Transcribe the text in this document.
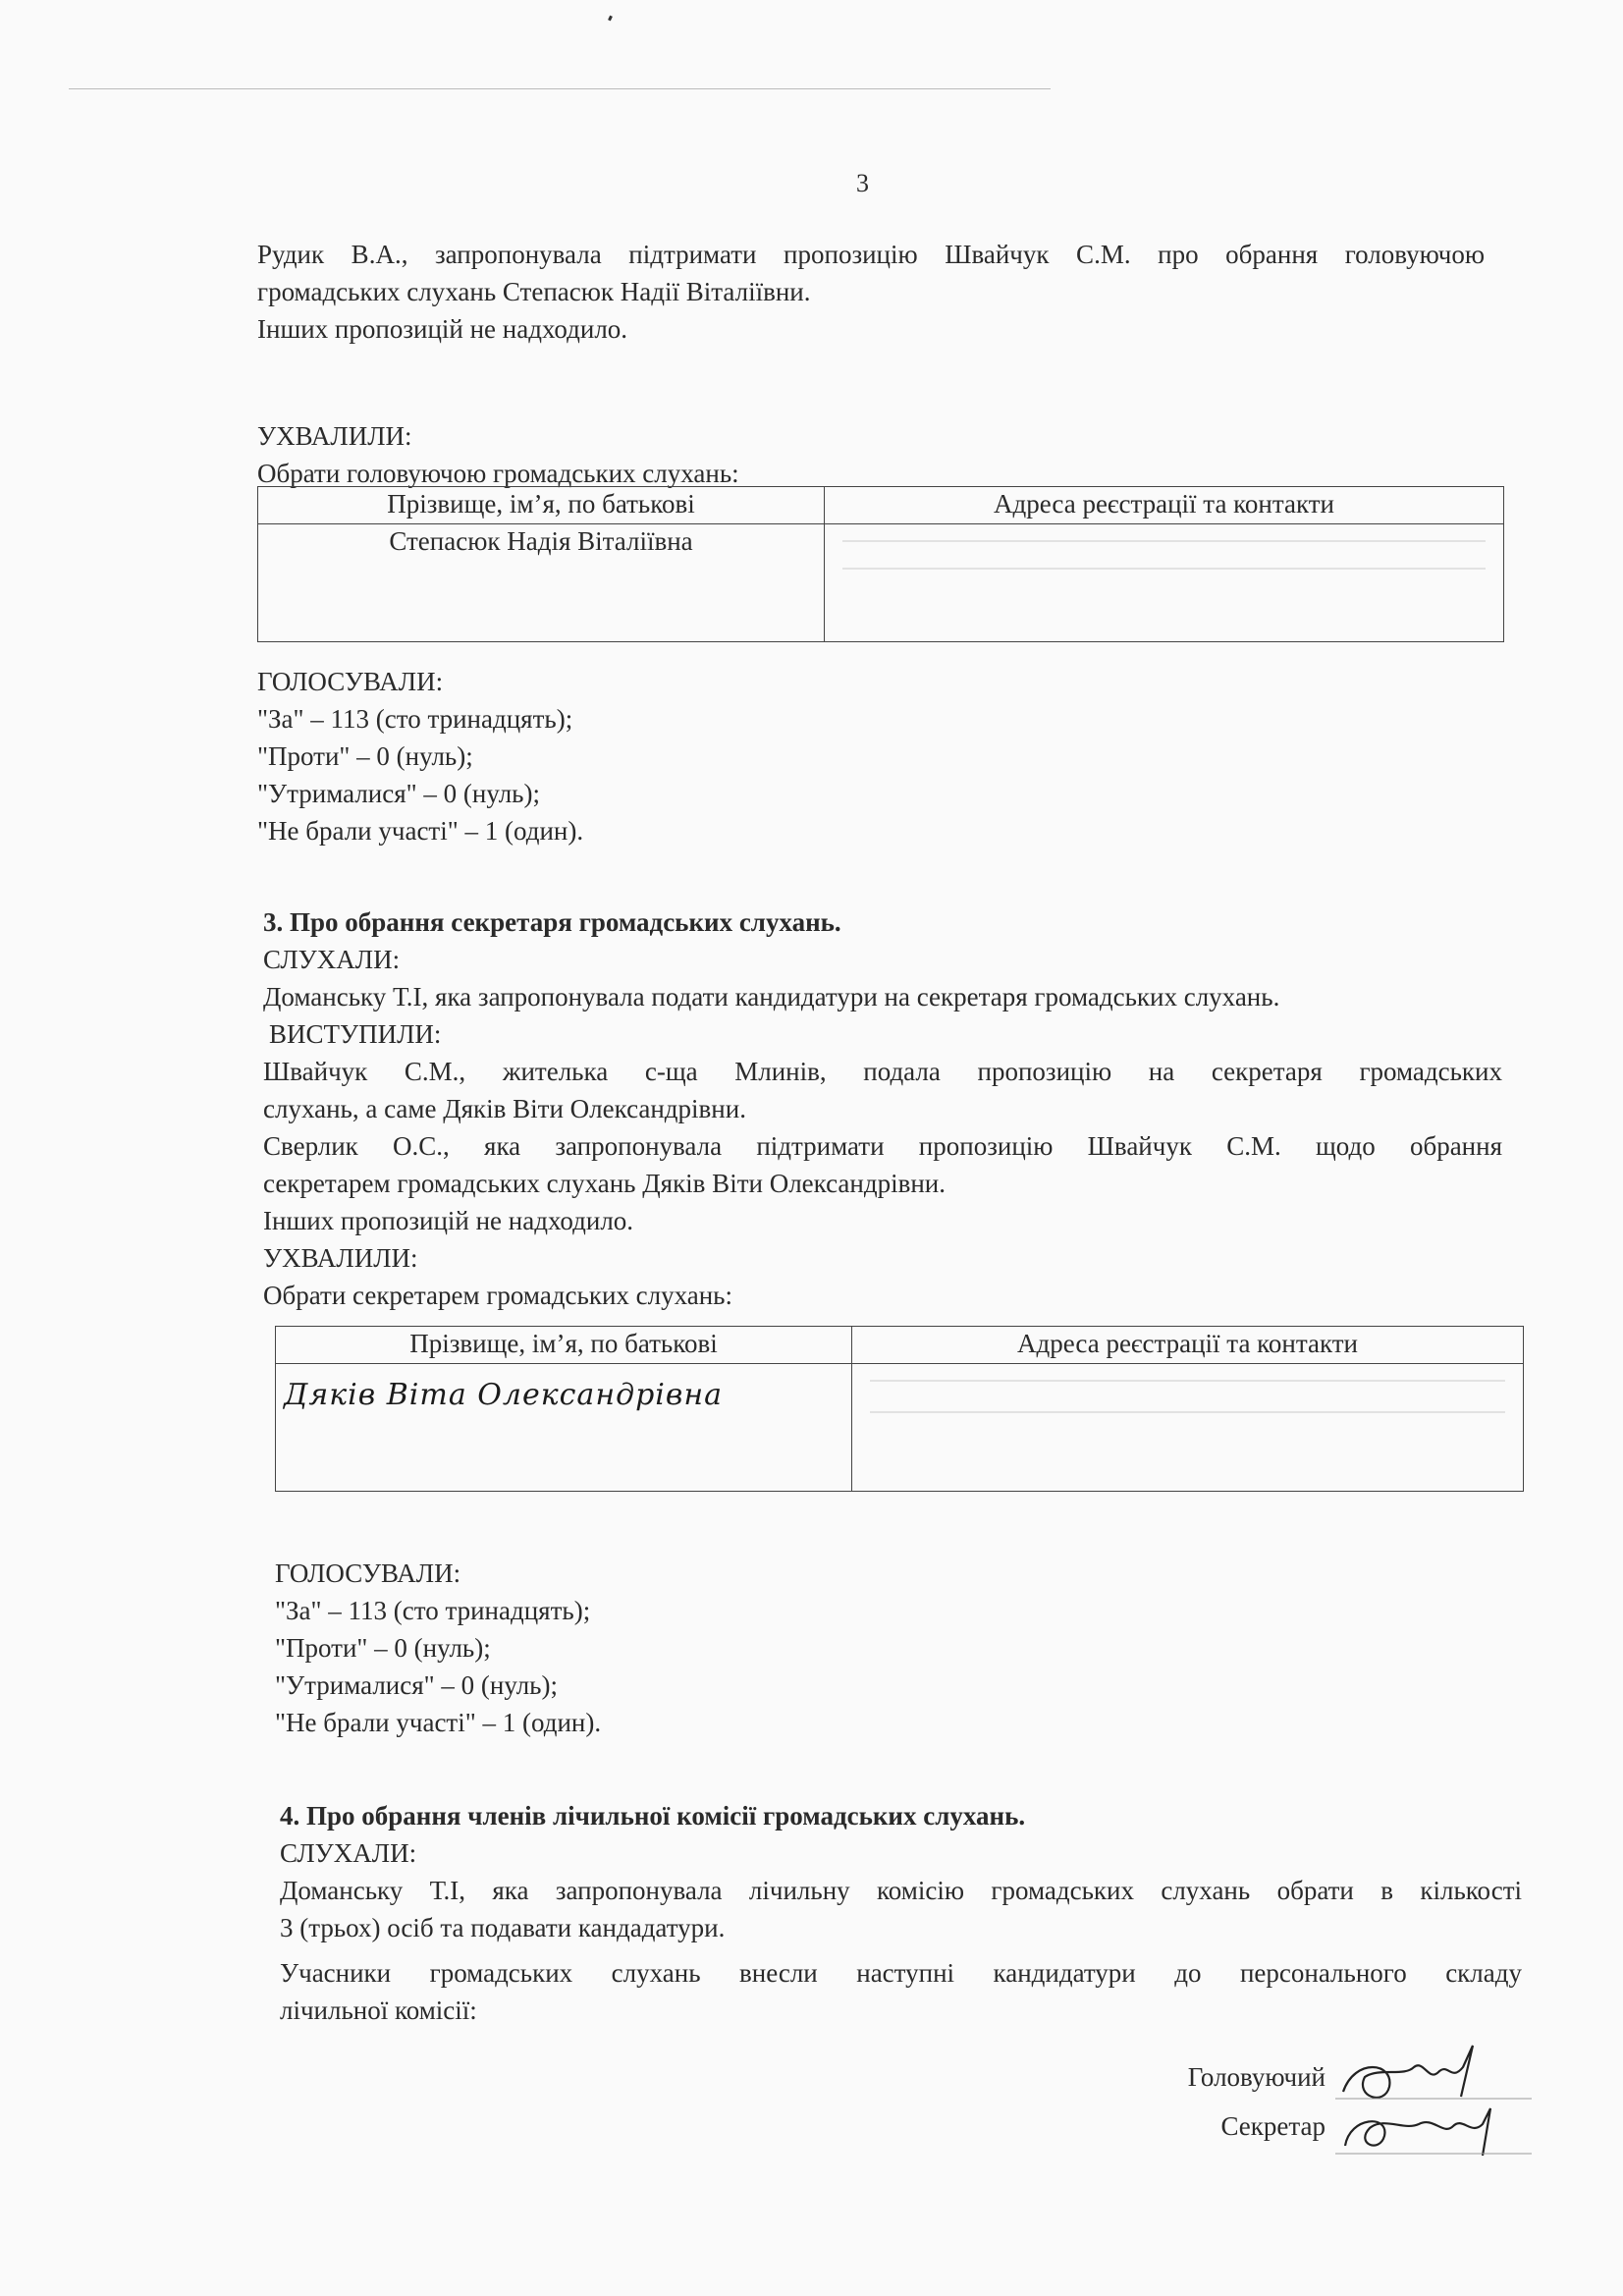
3

Рудик В.А., запропонувала підтримати пропозицію Швайчук С.М. про обрання головуючою

громадських слухань Степасюк Надії Віталіївни.

Інших пропозицій не надходило.

УХВАЛИЛИ:

Обрати головуючою громадських слухань:

Прізвище, ім’я, по батькові	Адреса реєстрації та контакти
Степасюк Надія Віталіївна	

ГОЛОСУВАЛИ:

"За" – 113 (сто тринадцять);

"Проти" – 0 (нуль);

"Утрималися" – 0 (нуль);

"Не брали участі" – 1 (один).

3. Про обрання секретаря громадських слухань.

СЛУХАЛИ:

Доманську Т.І, яка запропонувала подати кандидатури на секретаря громадських слухань.

ВИСТУПИЛИ:

Швайчук С.М., жителька с-ща Млинів, подала пропозицію на секретаря громадських

слухань, а саме Дяків Віти Олександрівни.

Сверлик О.С., яка запропонувала підтримати пропозицію Швайчук С.М. щодо обрання

секретарем громадських слухань Дяків Віти Олександрівни.

Інших пропозицій не надходило.

УХВАЛИЛИ:

Обрати секретарем громадських слухань:

Прізвище, ім’я, по батькові	Адреса реєстрації та контакти
Дяків Віта Олександрівна	

ГОЛОСУВАЛИ:

"За" – 113 (сто тринадцять);

"Проти" – 0 (нуль);

"Утрималися" – 0 (нуль);

"Не брали участі" – 1 (один).

4. Про обрання членів лічильної комісії громадських слухань.

СЛУХАЛИ:

Доманську Т.І, яка запропонувала лічильну комісію громадських слухань обрати в кількості

3 (трьох) осіб та подавати кандадатури.

Учасники громадських слухань внесли наступні кандидатури до персонального складу

лічильної комісії:

Головуючий
Секретар
